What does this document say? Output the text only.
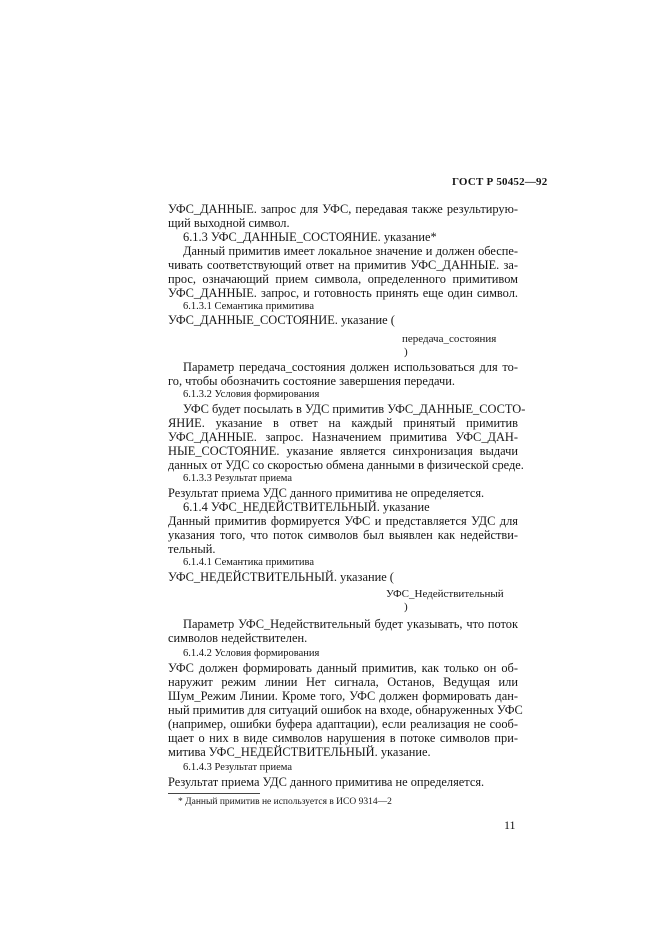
ГОСТ Р 50452—92
УФС_ДАННЫЕ. запрос для УФС, передавая также результирую-
щий выходной символ.
6.1.3 УФС_ДАННЫЕ_СОСТОЯНИЕ. указание*
Данный примитив имеет локальное значение и должен обеспе-
чивать соответствующий ответ на примитив УФС_ДАННЫЕ. за-
прос, означающий прием символа, определенного примитивом
УФС_ДАННЫЕ. запрос, и готовность принять еще один символ.
6.1.3.1 Семантика примитива
УФС_ДАННЫЕ_СОСТОЯНИЕ. указание (
передача_состояния
)
Параметр передача_состояния должен использоваться для то-
го, чтобы обозначить состояние завершения передачи.
6.1.3.2 Условия формирования
УФС будет посылать в УДС примитив УФС_ДАННЫЕ_СОСТО-
ЯНИЕ. указание в ответ на каждый принятый примитив
УФС_ДАННЫЕ. запрос. Назначением примитива УФС_ДАН-
НЫЕ_СОСТОЯНИЕ. указание является синхронизация выдачи
данных от УДС со скоростью обмена данными в физической среде.
6.1.3.3 Результат приема
Результат приема УДС данного примитива не определяется.
6.1.4 УФС_НЕДЕЙСТВИТЕЛЬНЫЙ. указание
Данный примитив формируется УФС и представляется УДС для
указания того, что поток символов был выявлен как недействи-
тельный.
6.1.4.1 Семантика примитива
УФС_НЕДЕЙСТВИТЕЛЬНЫЙ. указание (
УФС_Недействительный
)
Параметр УФС_Недействительный будет указывать, что поток
символов недействителен.
6.1.4.2 Условия формирования
УФС должен формировать данный примитив, как только он об-
наружит режим линии Нет сигнала, Останов, Ведущая или
Шум_Режим Линии. Кроме того, УФС должен формировать дан-
ный примитив для ситуаций ошибок на входе, обнаруженных УФС
(например, ошибки буфера адаптации), если реализация не сооб-
щает о них в виде символов нарушения в потоке символов при-
митива УФС_НЕДЕЙСТВИТЕЛЬНЫЙ. указание.
6.1.4.3 Результат приема
Результат приема УДС данного примитива не определяется.
* Данный примитив не используется в ИСО 9314—2
11
